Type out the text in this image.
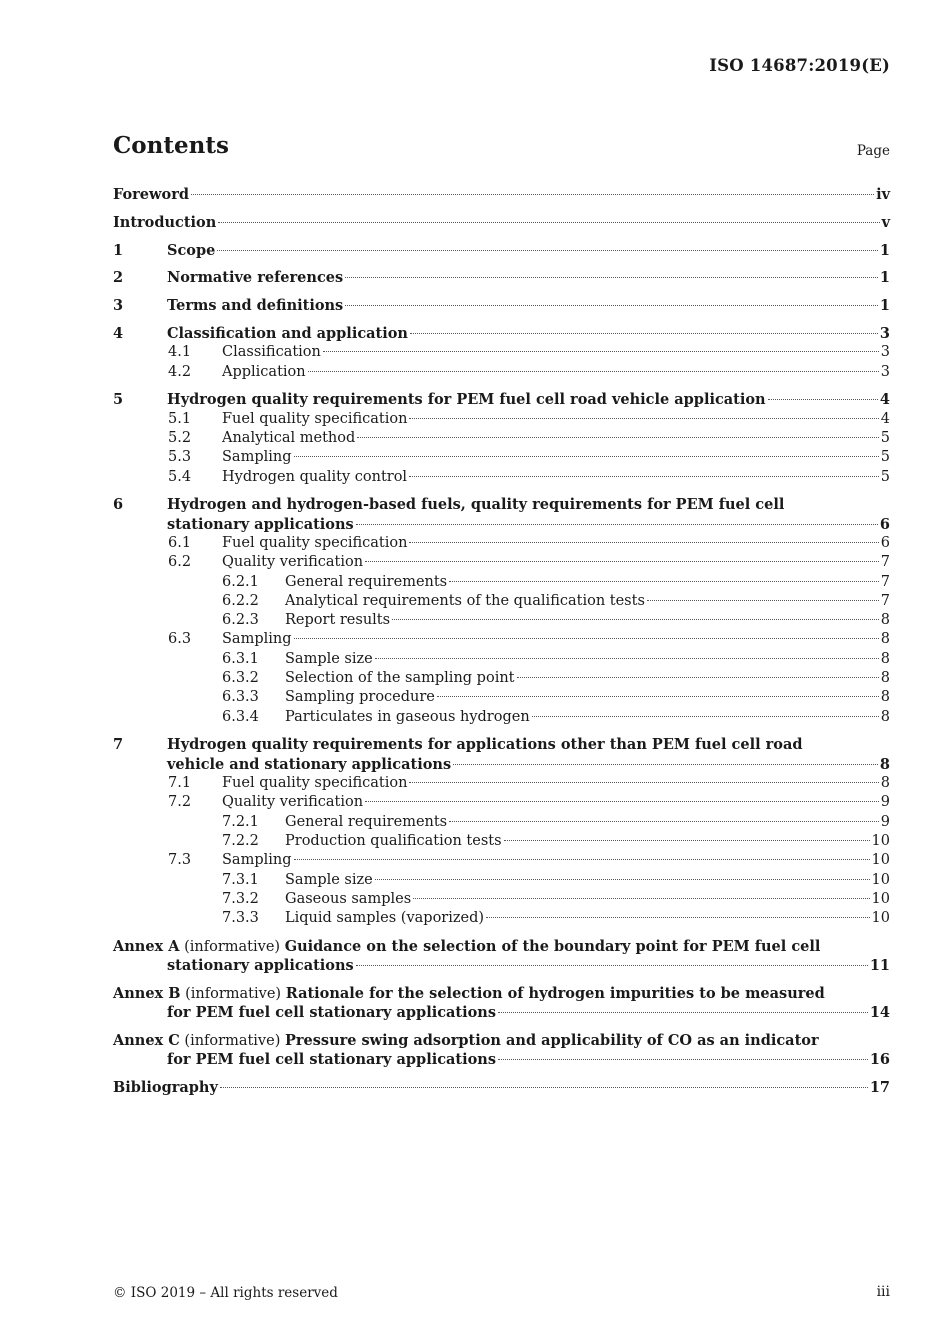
ISO 14687:2019(E)
Contents	Page
Foreword	iv
Introduction	v
1	Scope	1
2	Normative references	1
3	Terms and definitions	1
4	Classification and application	3
4.1 Classification	3
4.2 Application	3
5	Hydrogen quality requirements for PEM fuel cell road vehicle application	4
5.1 Fuel quality specification	4
5.2 Analytical method	5
5.3 Sampling	5
5.4 Hydrogen quality control	5
6	Hydrogen and hydrogen-based fuels, quality requirements for PEM fuel cell
stationary applications	6
6.1 Fuel quality specification	6
6.2 Quality verification	7
6.2.1 General requirements	7
6.2.2 Analytical requirements of the qualification tests	7
6.2.3 Report results	8
6.3 Sampling	8
6.3.1 Sample size	8
6.3.2 Selection of the sampling point	8
6.3.3 Sampling procedure	8
6.3.4 Particulates in gaseous hydrogen	8
7	Hydrogen quality requirements for applications other than PEM fuel cell road
vehicle and stationary applications	8
7.1 Fuel quality specification	8
7.2 Quality verification	9
7.2.1 General requirements	9
7.2.2 Production qualification tests	10
7.3 Sampling	10
7.3.1 Sample size	10
7.3.2 Gaseous samples	10
7.3.3 Liquid samples (vaporized)	10
Annex A (informative) Guidance on the selection of the boundary point for PEM fuel cell
stationary applications	11
Annex B (informative) Rationale for the selection of hydrogen impurities to be measured
for PEM fuel cell stationary applications	14
Annex C (informative) Pressure swing adsorption and applicability of CO as an indicator
for PEM fuel cell stationary applications	16
Bibliography	17
© ISO 2019 – All rights reserved	iii
